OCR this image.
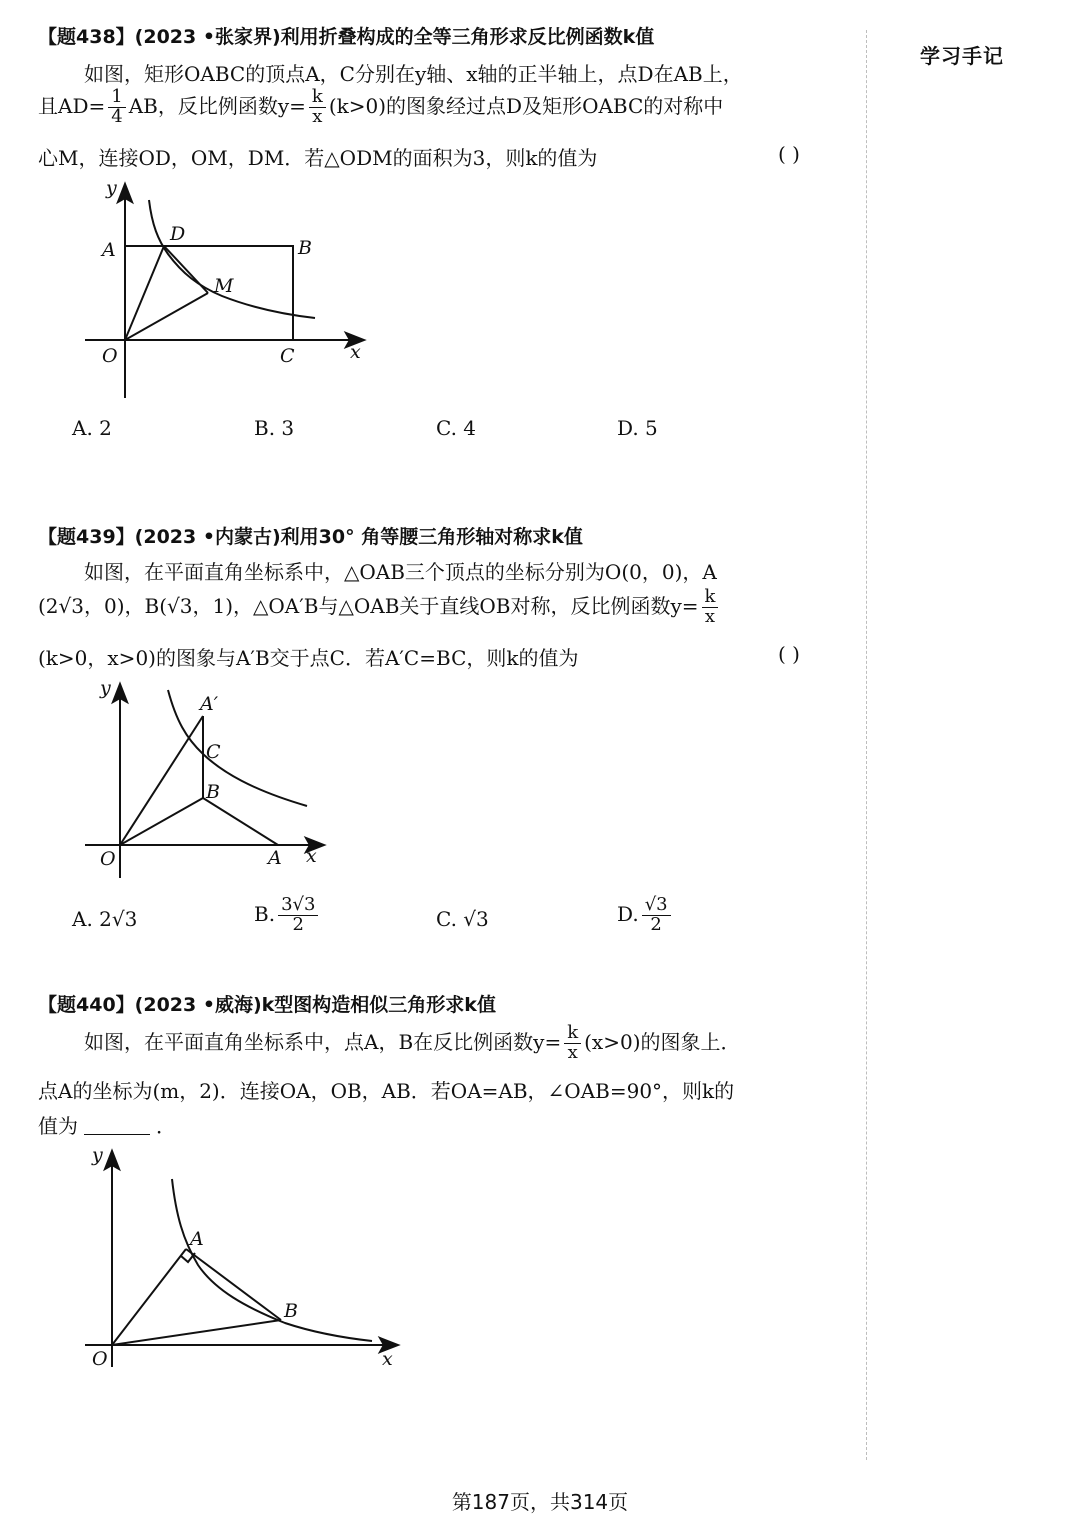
学习手记
【题438】(2023 •张家界)利用折叠构成的全等三角形求反比例函数k值
如图，矩形OABC的顶点A，C分别在y轴、x轴的正半轴上，点D在AB上，
且$AD= \frac{1}{4}$ AB，反比例函数$y= \frac{k}{x} (k>0)$的图象经过点D及矩形OABC的对称中
心M，连接OD，OM，DM．若△ODM的面积为3，则k的值为	( )
A
D
B
M
O	C	x
y
A. 2	B. 3	C. 4	D. 5
【题439】(2023 •内蒙古)利用30° 角等腰三角形轴对称求k值
如图，在平面直角坐标系中，△OAB三个顶点的坐标分别为O(0，0)，A
(2√3，0)，B(√3，1)，△OA′B与△OAB关于直线OB对称，反比例函数$y= \frac{k}{x}$
(k>0，x>0)的图象与A′B交于点C．若A′C=BC，则k的值为	( )
A′
C
B
O	A x
y
A. 2√3	B. $\frac{3√3}{2}$	C. √3	D. $\frac{√3}{2}$
【题440】(2023 •威海)k型图构造相似三角形求k值
如图，在平面直角坐标系中，点A，B在反比例函数$y= \frac{k}{x} (x>0)$的图象上．
点A的坐标为(m，2)．连接OA，OB，AB．若OA=AB，∠OAB=90°，则k的
值为	．
A
B
O	x
y
第187页，共314页
